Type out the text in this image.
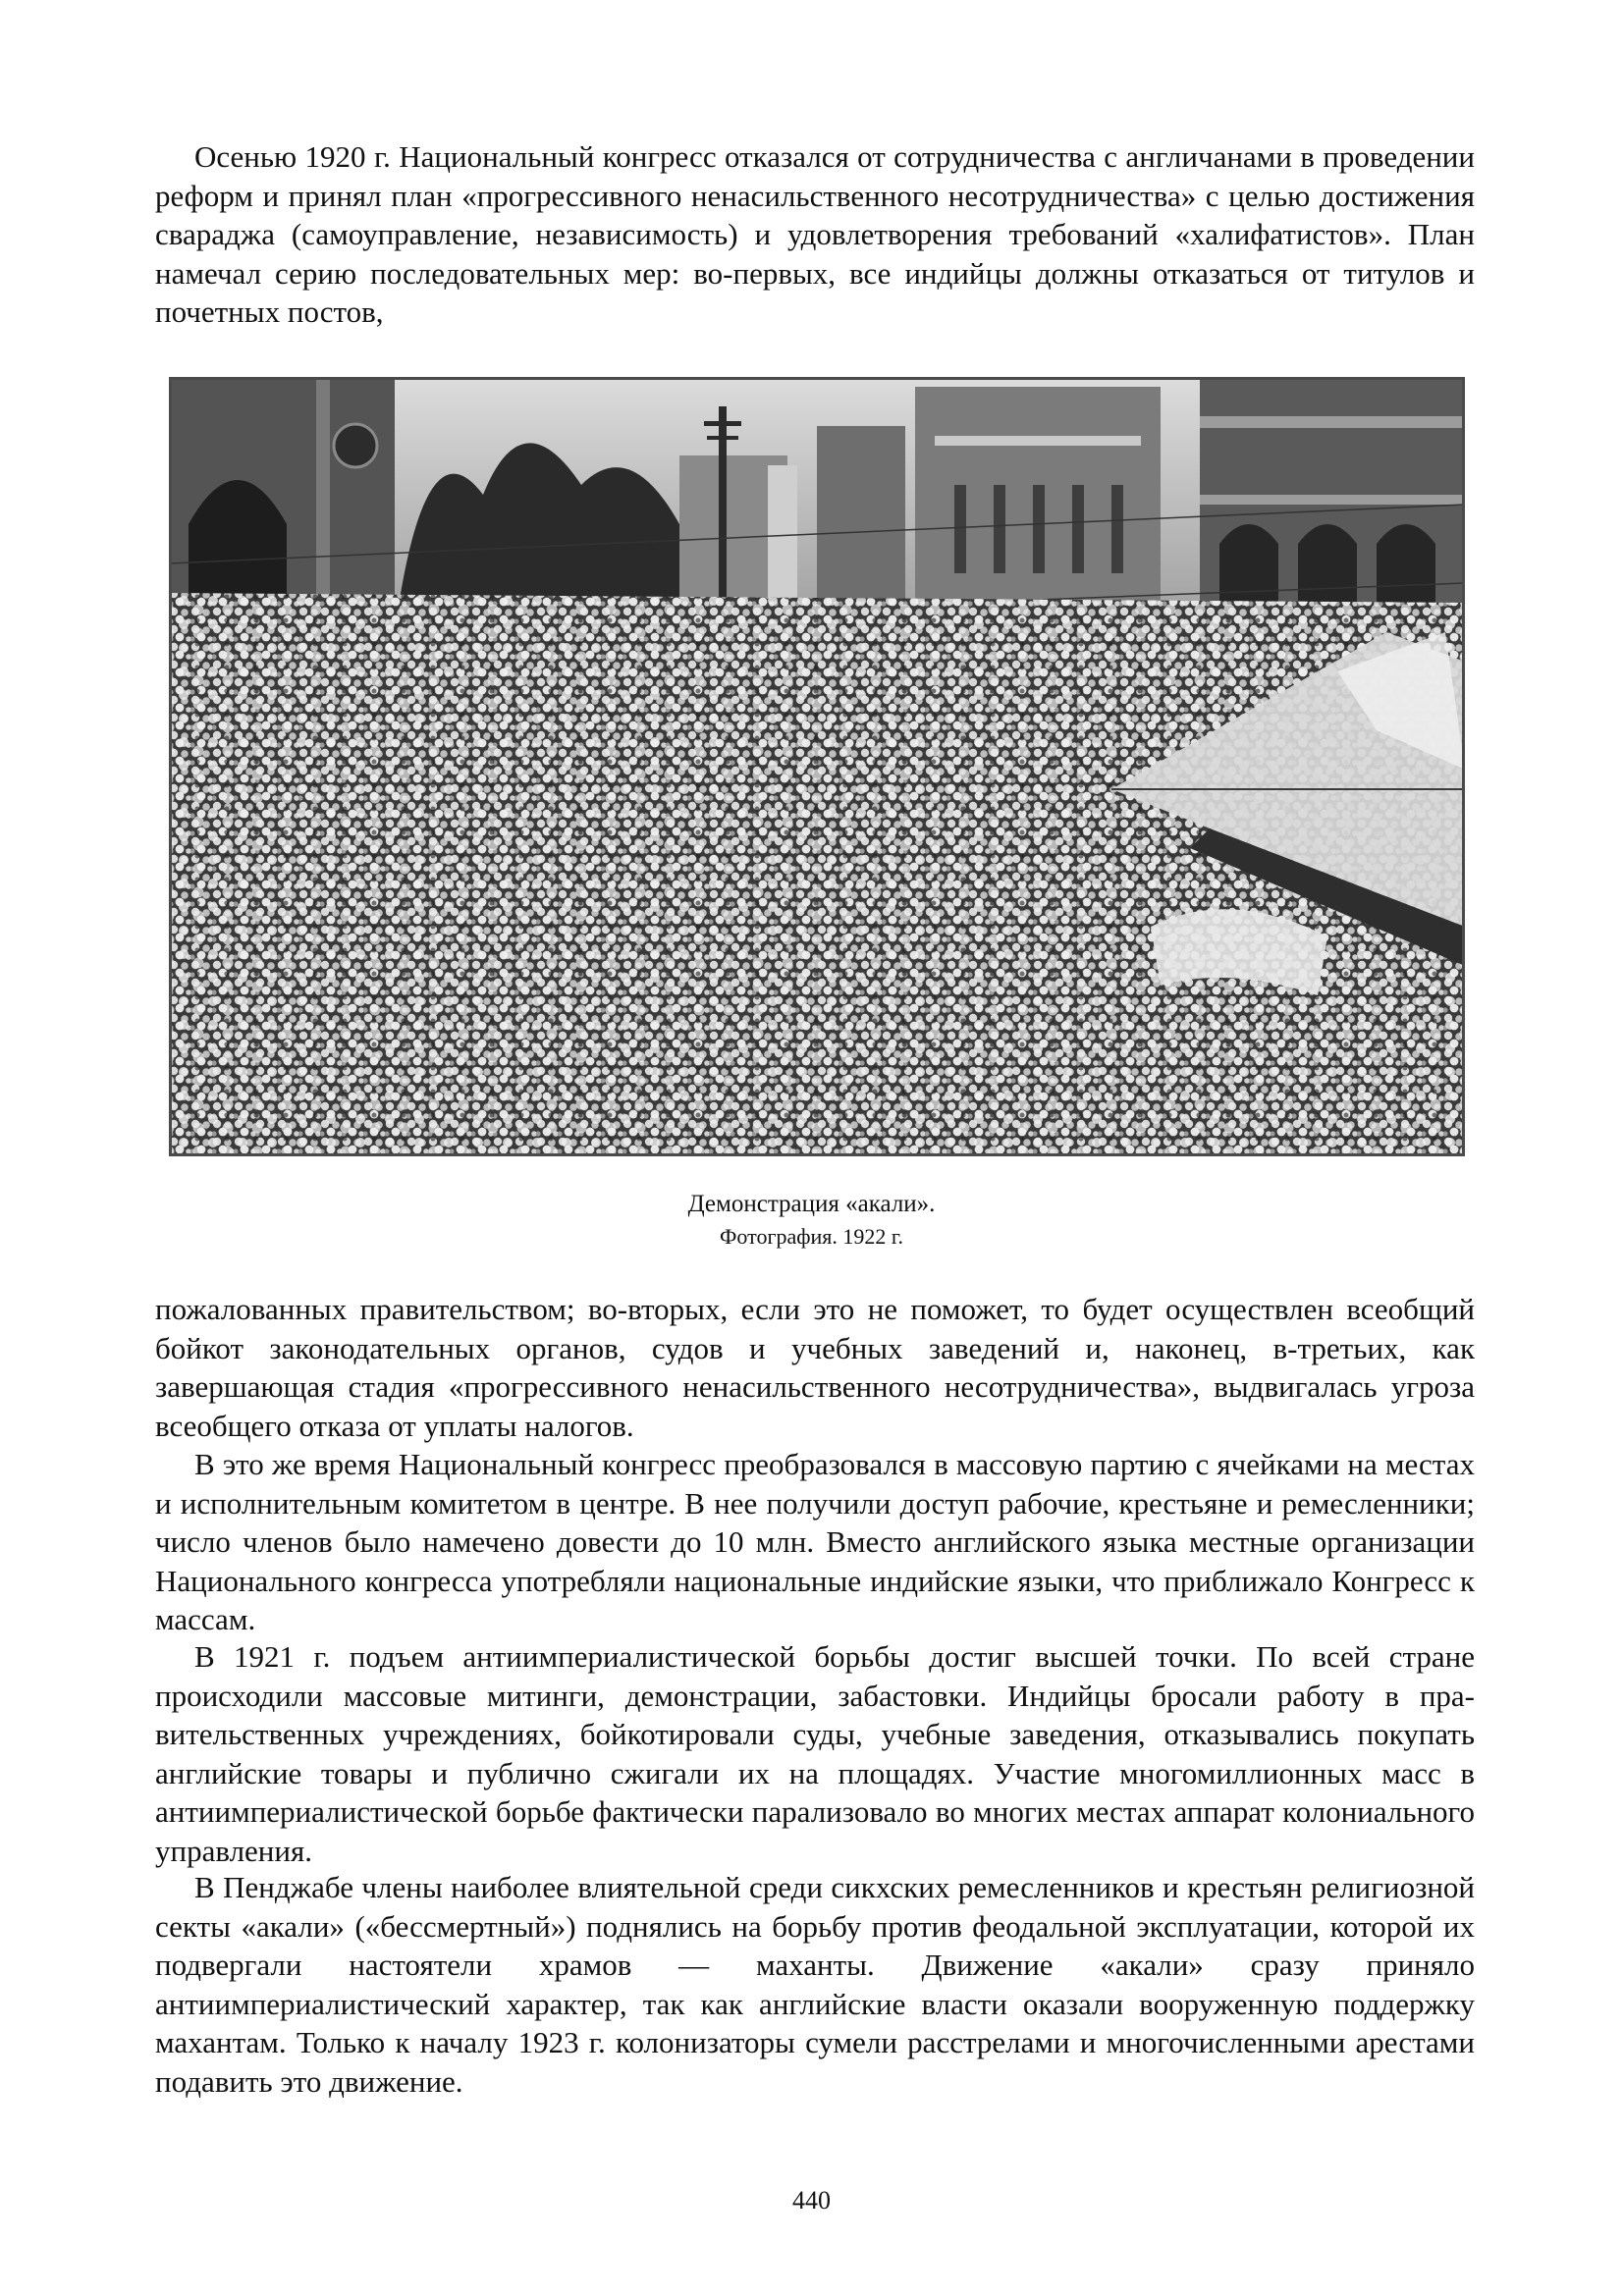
Осенью 1920 г. Национальный конгресс отказался от сотрудничества с англичанами в проведении реформ и принял план «прогрессивного ненасильственного несотрудничества» с целью достижения свараджа (самоуправление, независимость) и удовлетворения требований «халифатистов». План намечал серию последовательных мер: во-первых, все индийцы должны отказаться от титулов и почетных постов,

Демонстрация «акали».
Фотография. 1922 г.

пожалованных правительством; во-вторых, если это не поможет, то будет осуществлен всеобщий бойкот законодательных органов, судов и учебных заведений и, наконец, в-третьих, как завершающая стадия «прогрессивного ненасильственного несотрудничества», выдвигалась угроза всеобщего отказа от уплаты налогов.

В это же время Национальный конгресс преобразовался в массовую партию с ячейками на местах и исполнительным комитетом в центре. В нее получили доступ рабочие, крестьяне и ремесленники; число членов было намечено довести до 10 млн. Вместо английского языка местные организации Национального конгресса употребляли национальные индийские языки, что приближало Конгресс к массам.

В 1921 г. подъем антиимпериалистической борьбы достиг высшей точки. По всей стране происходили массовые митинги, демонстрации, забастовки. Индийцы бросали работу в правительственных учреждениях, бойкотировали суды, учебные заведения, отказывались покупать английские товары и публично сжигали их на площадях. Участие многомиллионных масс в антиимпериалистической борьбе фактически парализовало во многих местах аппарат колониального управления.

В Пенджабе члены наиболее влиятельной среди сикхских ремесленников и крестьян религиозной секты «акали» («бессмертный») поднялись на борьбу против феодальной эксплуатации, которой их подвергали настоятели храмов — маханты. Движение «акали» сразу приняло антиимпериалистический характер, так как английские власти оказали вооруженную поддержку махантам. Только к началу 1923 г. колонизаторы сумели расстрелами и многочисленными арестами подавить это движение.

440
